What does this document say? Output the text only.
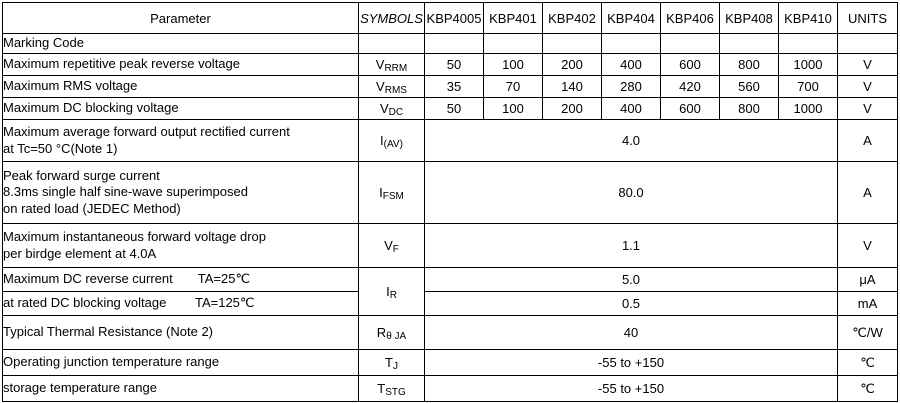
Parameter	SYMBOLS	KBP4005	KBP401	KBP402	KBP404	KBP406	KBP408	KBP410	UNITS
Marking Code									
Maximum repetitive peak reverse voltage	VRRM	50	100	200	400	600	800	1000	V
Maximum RMS voltage	VRMS	35	70	140	280	420	560	700	V
Maximum DC blocking voltage	VDC	50	100	200	400	600	800	1000	V

Maximum average forward output rectified current
at Tc=50 °C(Note 1)	I(AV)	4.0							A

Peak forward surge current
8.3ms single half sine-wave superimposed
on rated load (JEDEC Method)	IFSM	80.0							A

Maximum instantaneous forward voltage drop
per birdge element at 4.0A	VF	1.1							V
Maximum DC reverse current       TA=25℃	IR	5.0							μA
at rated DC blocking voltage        TA=125℃		0.5							mA
Typical Thermal Resistance (Note 2)	Rθ JA	40							℃/W
Operating junction temperature range	TJ	-55 to +150							℃
storage temperature range	TSTG	-55 to +150							℃
